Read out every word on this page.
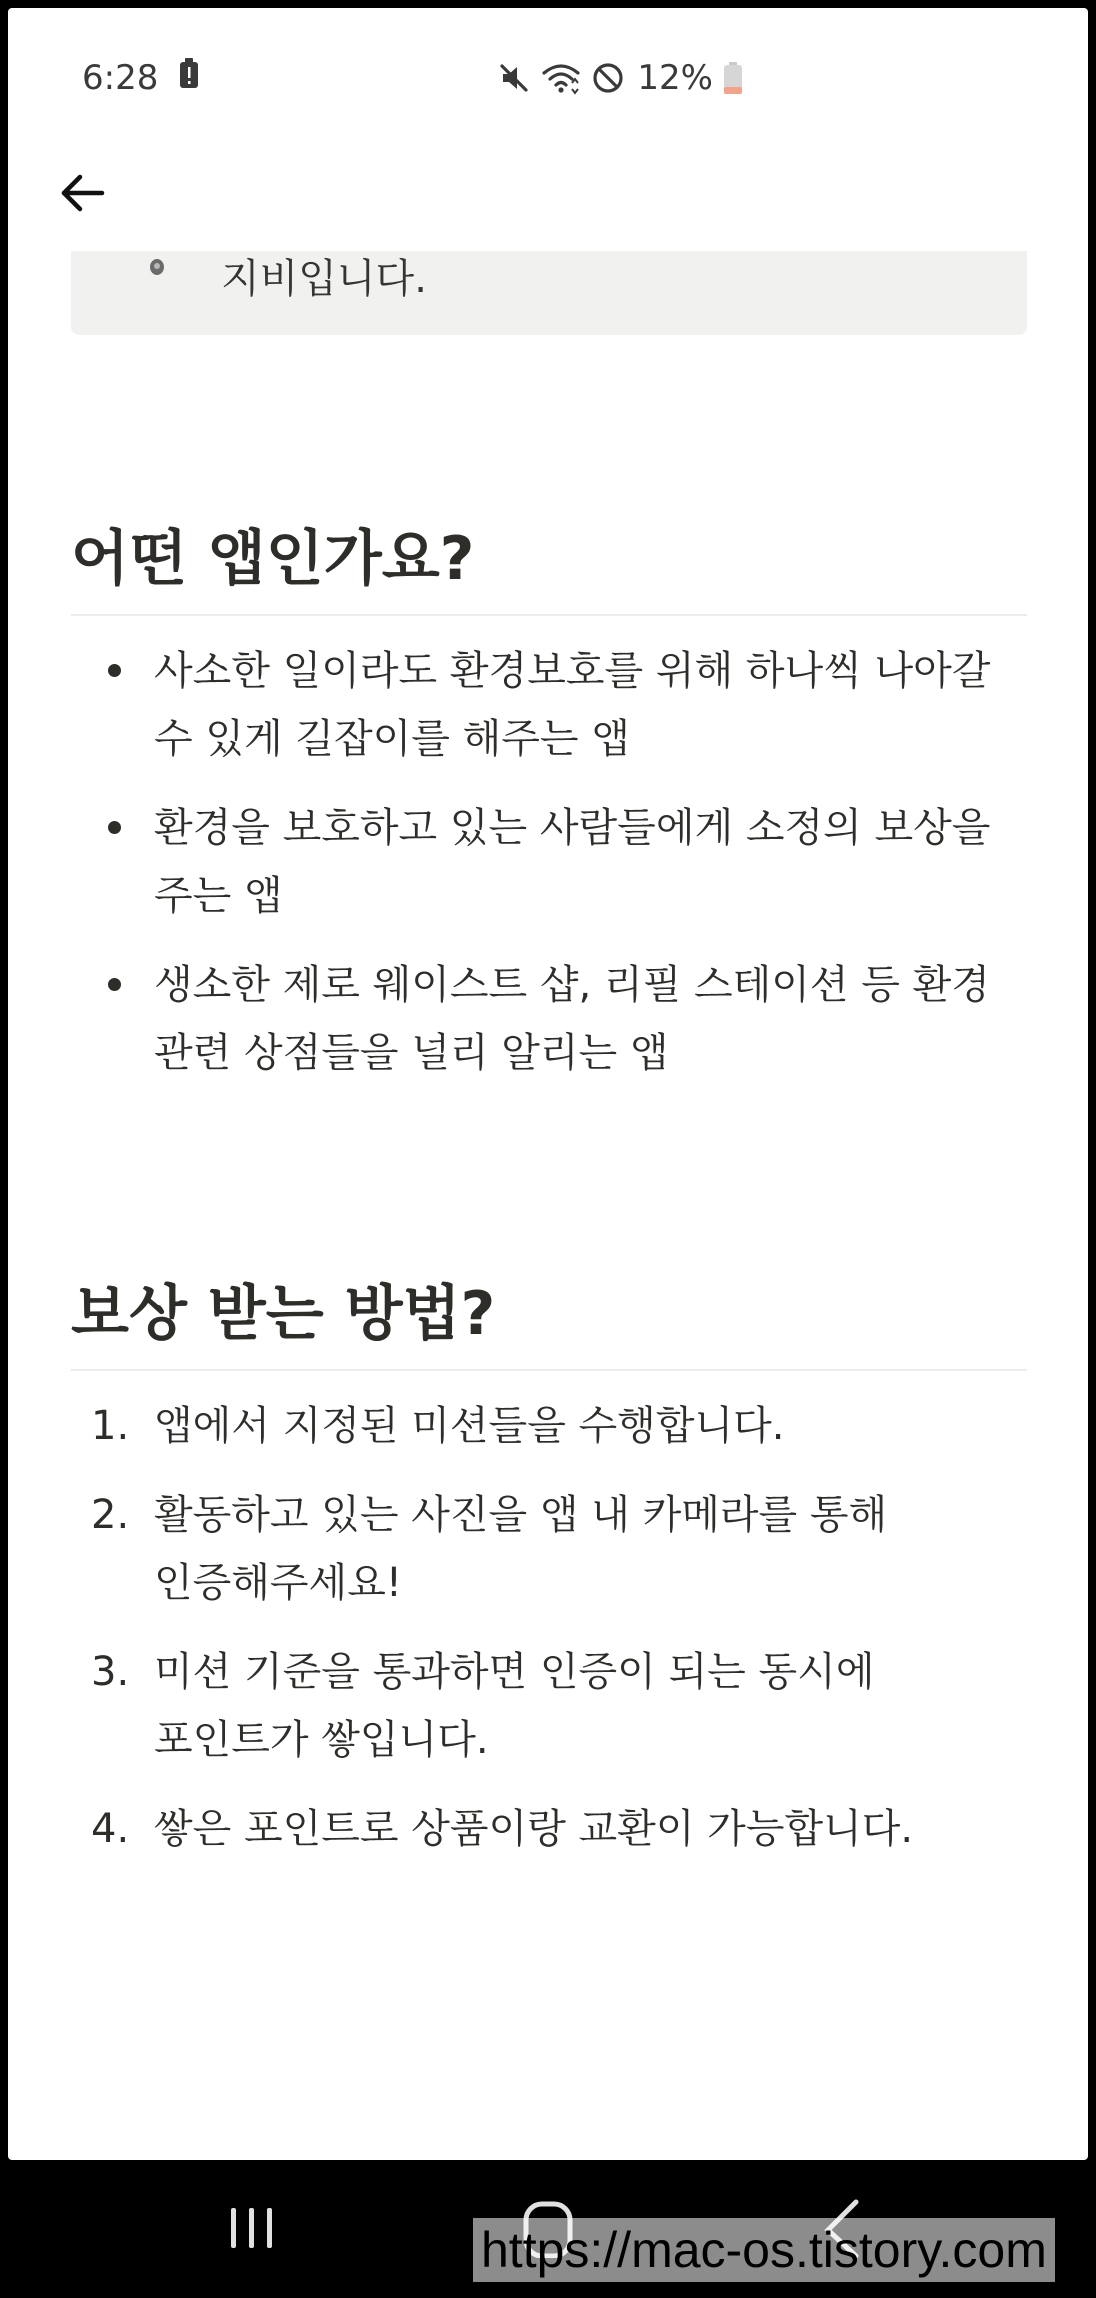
6:28	12%
지비입니다.
어떤 앱인가요?
사소한 일이라도 환경보호를 위해 하나씩 나아갈 수 있게 길잡이를 해주는 앱
환경을 보호하고 있는 사람들에게 소정의 보상을 주는 앱
생소한 제로 웨이스트 샵, 리필 스테이션 등 환경 관련 상점들을 널리 알리는 앱
보상 받는 방법?
1. 앱에서 지정된 미션들을 수행합니다.
2. 활동하고 있는 사진을 앱 내 카메라를 통해 인증해주세요!
3. 미션 기준을 통과하면 인증이 되는 동시에 포인트가 쌓입니다.
4. 쌓은 포인트로 상품이랑 교환이 가능합니다.
https://mac-os.tistory.com
